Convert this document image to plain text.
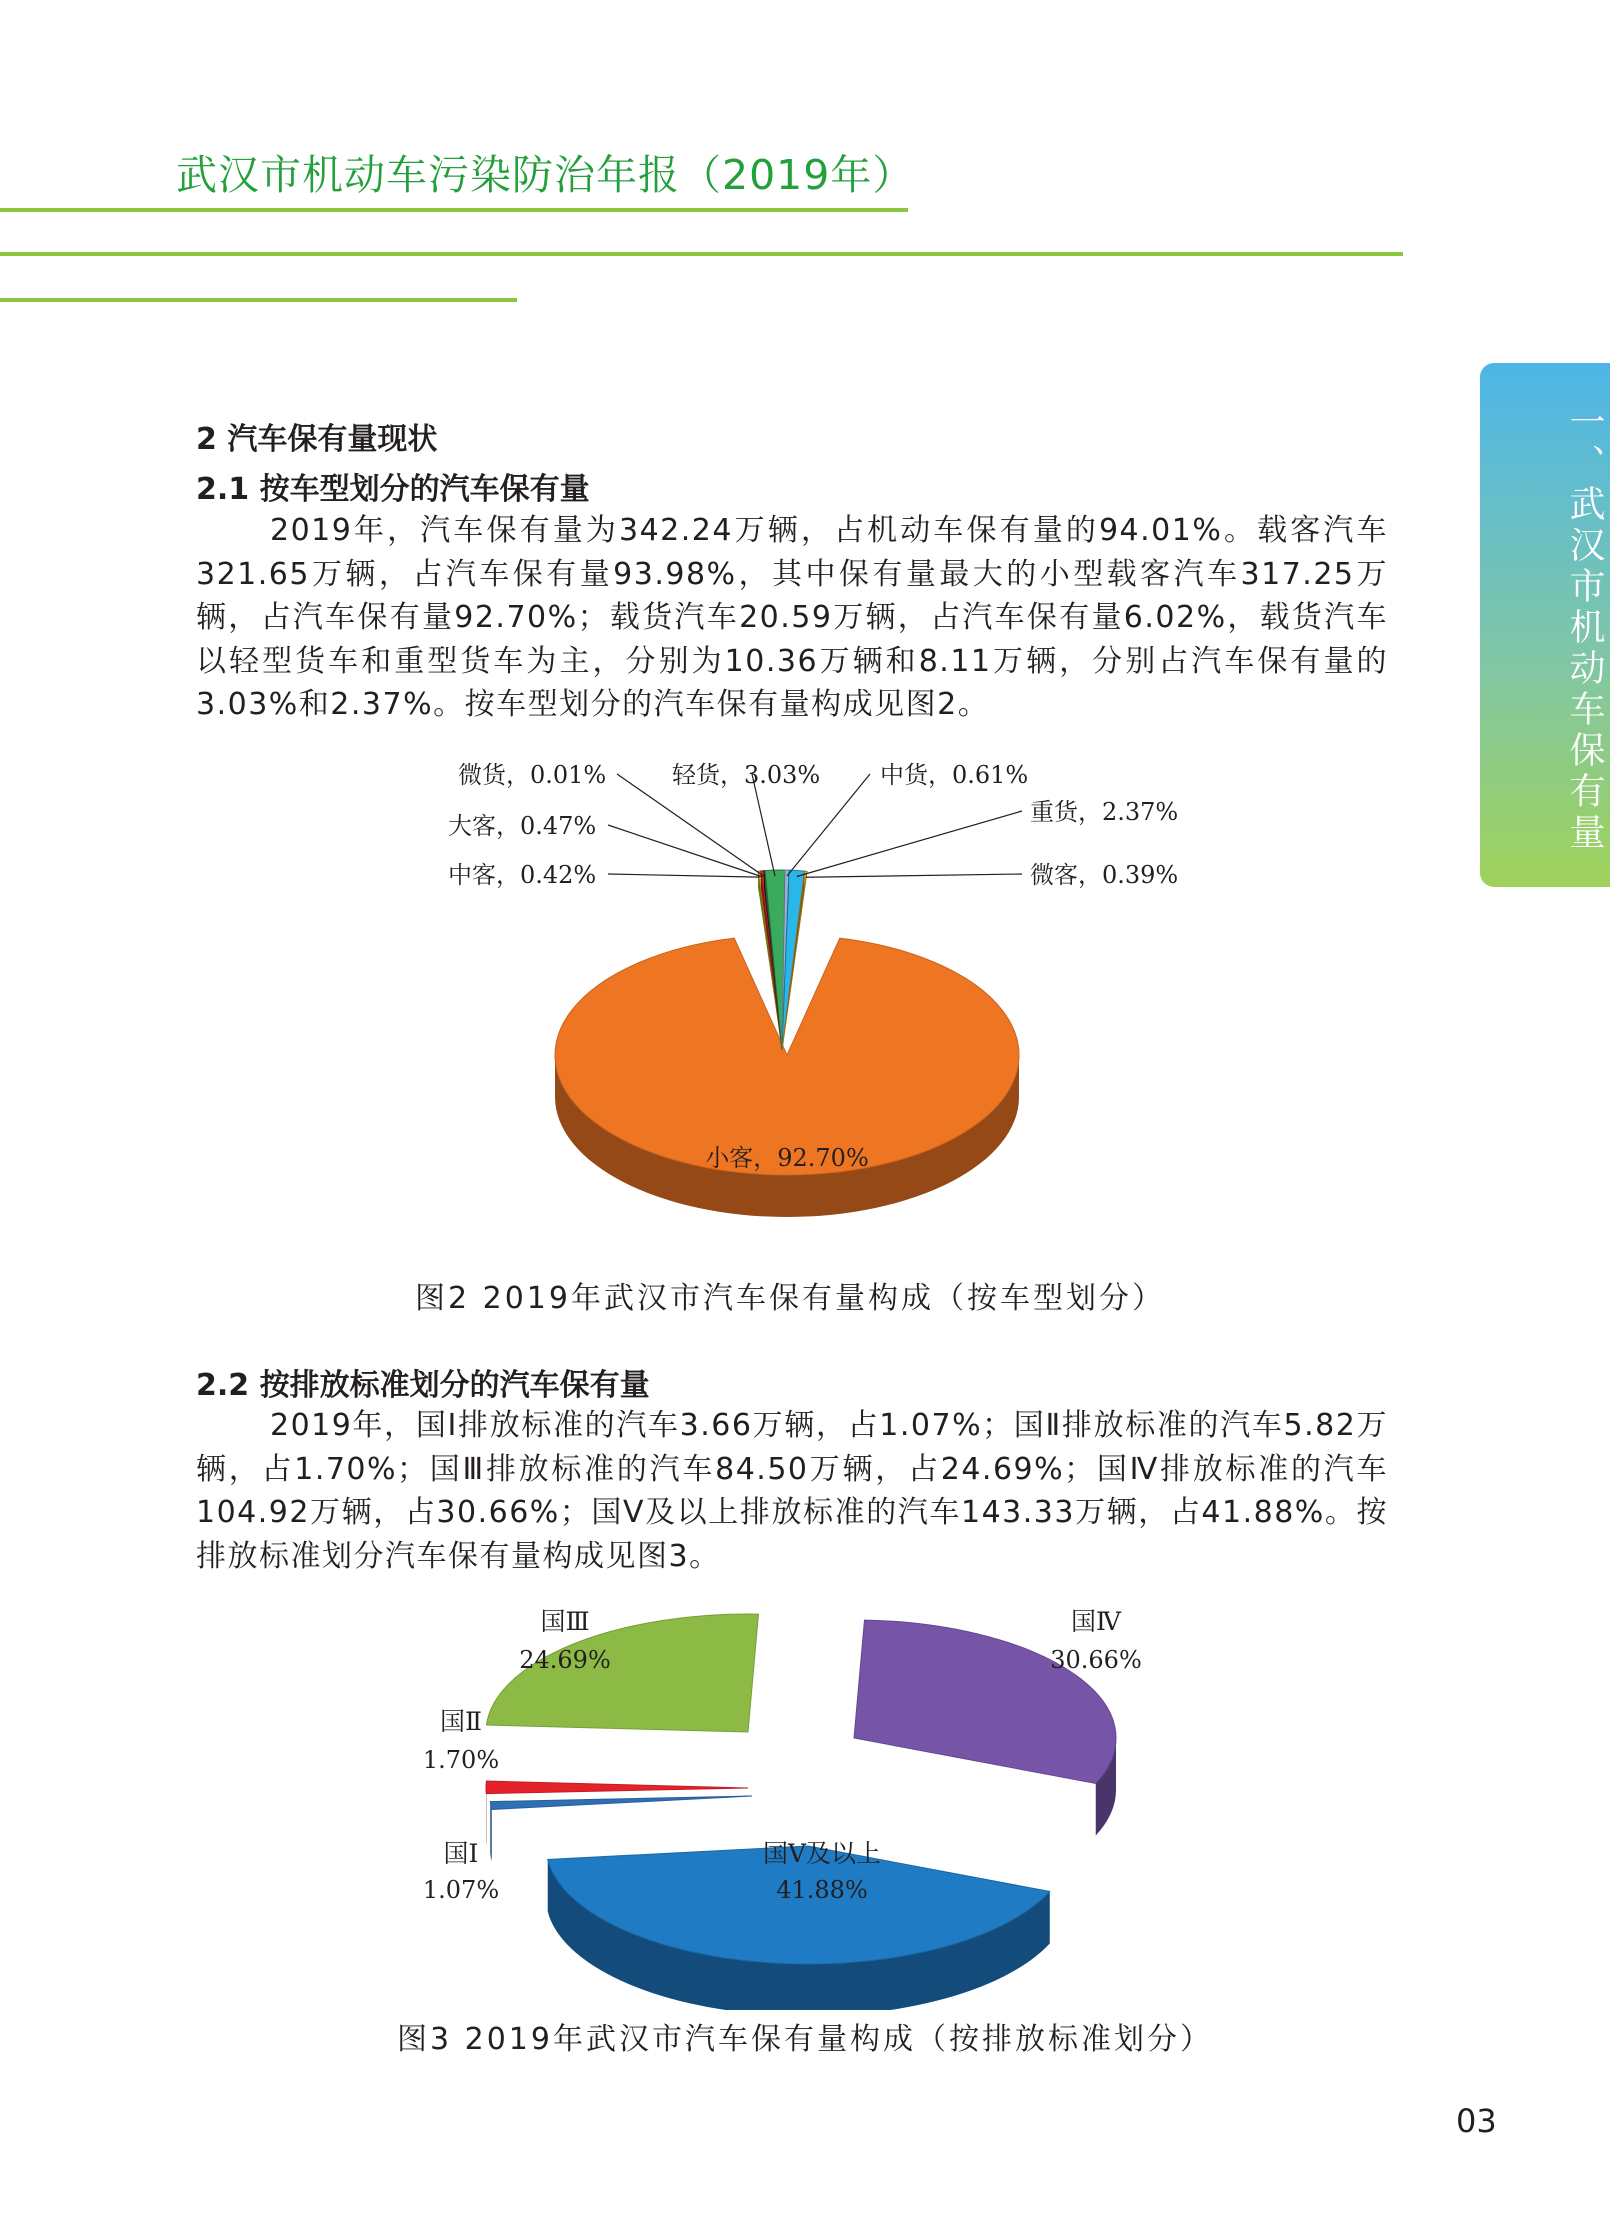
武汉市机动车污染防治年报（2019年）
一、武汉市机动车保有量
2 汽车保有量现状
2.1 按车型划分的汽车保有量
2019年，汽车保有量为342.24万辆，占机动车保有量的94.01%。载客汽车321.65万辆，占汽车保有量93.98%，其中保有量最大的小型载客汽车317.25万辆，占汽车保有量92.70%；载货汽车20.59万辆，占汽车保有量6.02%，载货汽车以轻型货车和重型货车为主，分别为10.36万辆和8.11万辆，分别占汽车保有量的3.03%和2.37%。按车型划分的汽车保有量构成见图2。
小客，92.70%
中客，0.42%
大客，0.47%
微货，0.01%	轻货，3.03% 中货，0.61%
重货，2.37%
微客，0.39%
图2 2019年武汉市汽车保有量构成（按车型划分）
2.2 按排放标准划分的汽车保有量
2019年，国Ⅰ排放标准的汽车3.66万辆，占1.07%；国Ⅱ排放标准的汽车5.82万辆，占1.70%；国Ⅲ排放标准的汽车84.50万辆，占24.69%；国Ⅳ排放标准的汽车104.92万辆，占30.66%；国Ⅴ及以上排放标准的汽车143.33万辆，占41.88%。按排放标准划分汽车保有量构成见图3。
国Ⅴ及以上
41.88%
国Ⅰ
1.07%
国Ⅱ
1.70%
国Ⅲ
24.69%
国Ⅳ
30.66%
图3 2019年武汉市汽车保有量构成（按排放标准划分）
03
